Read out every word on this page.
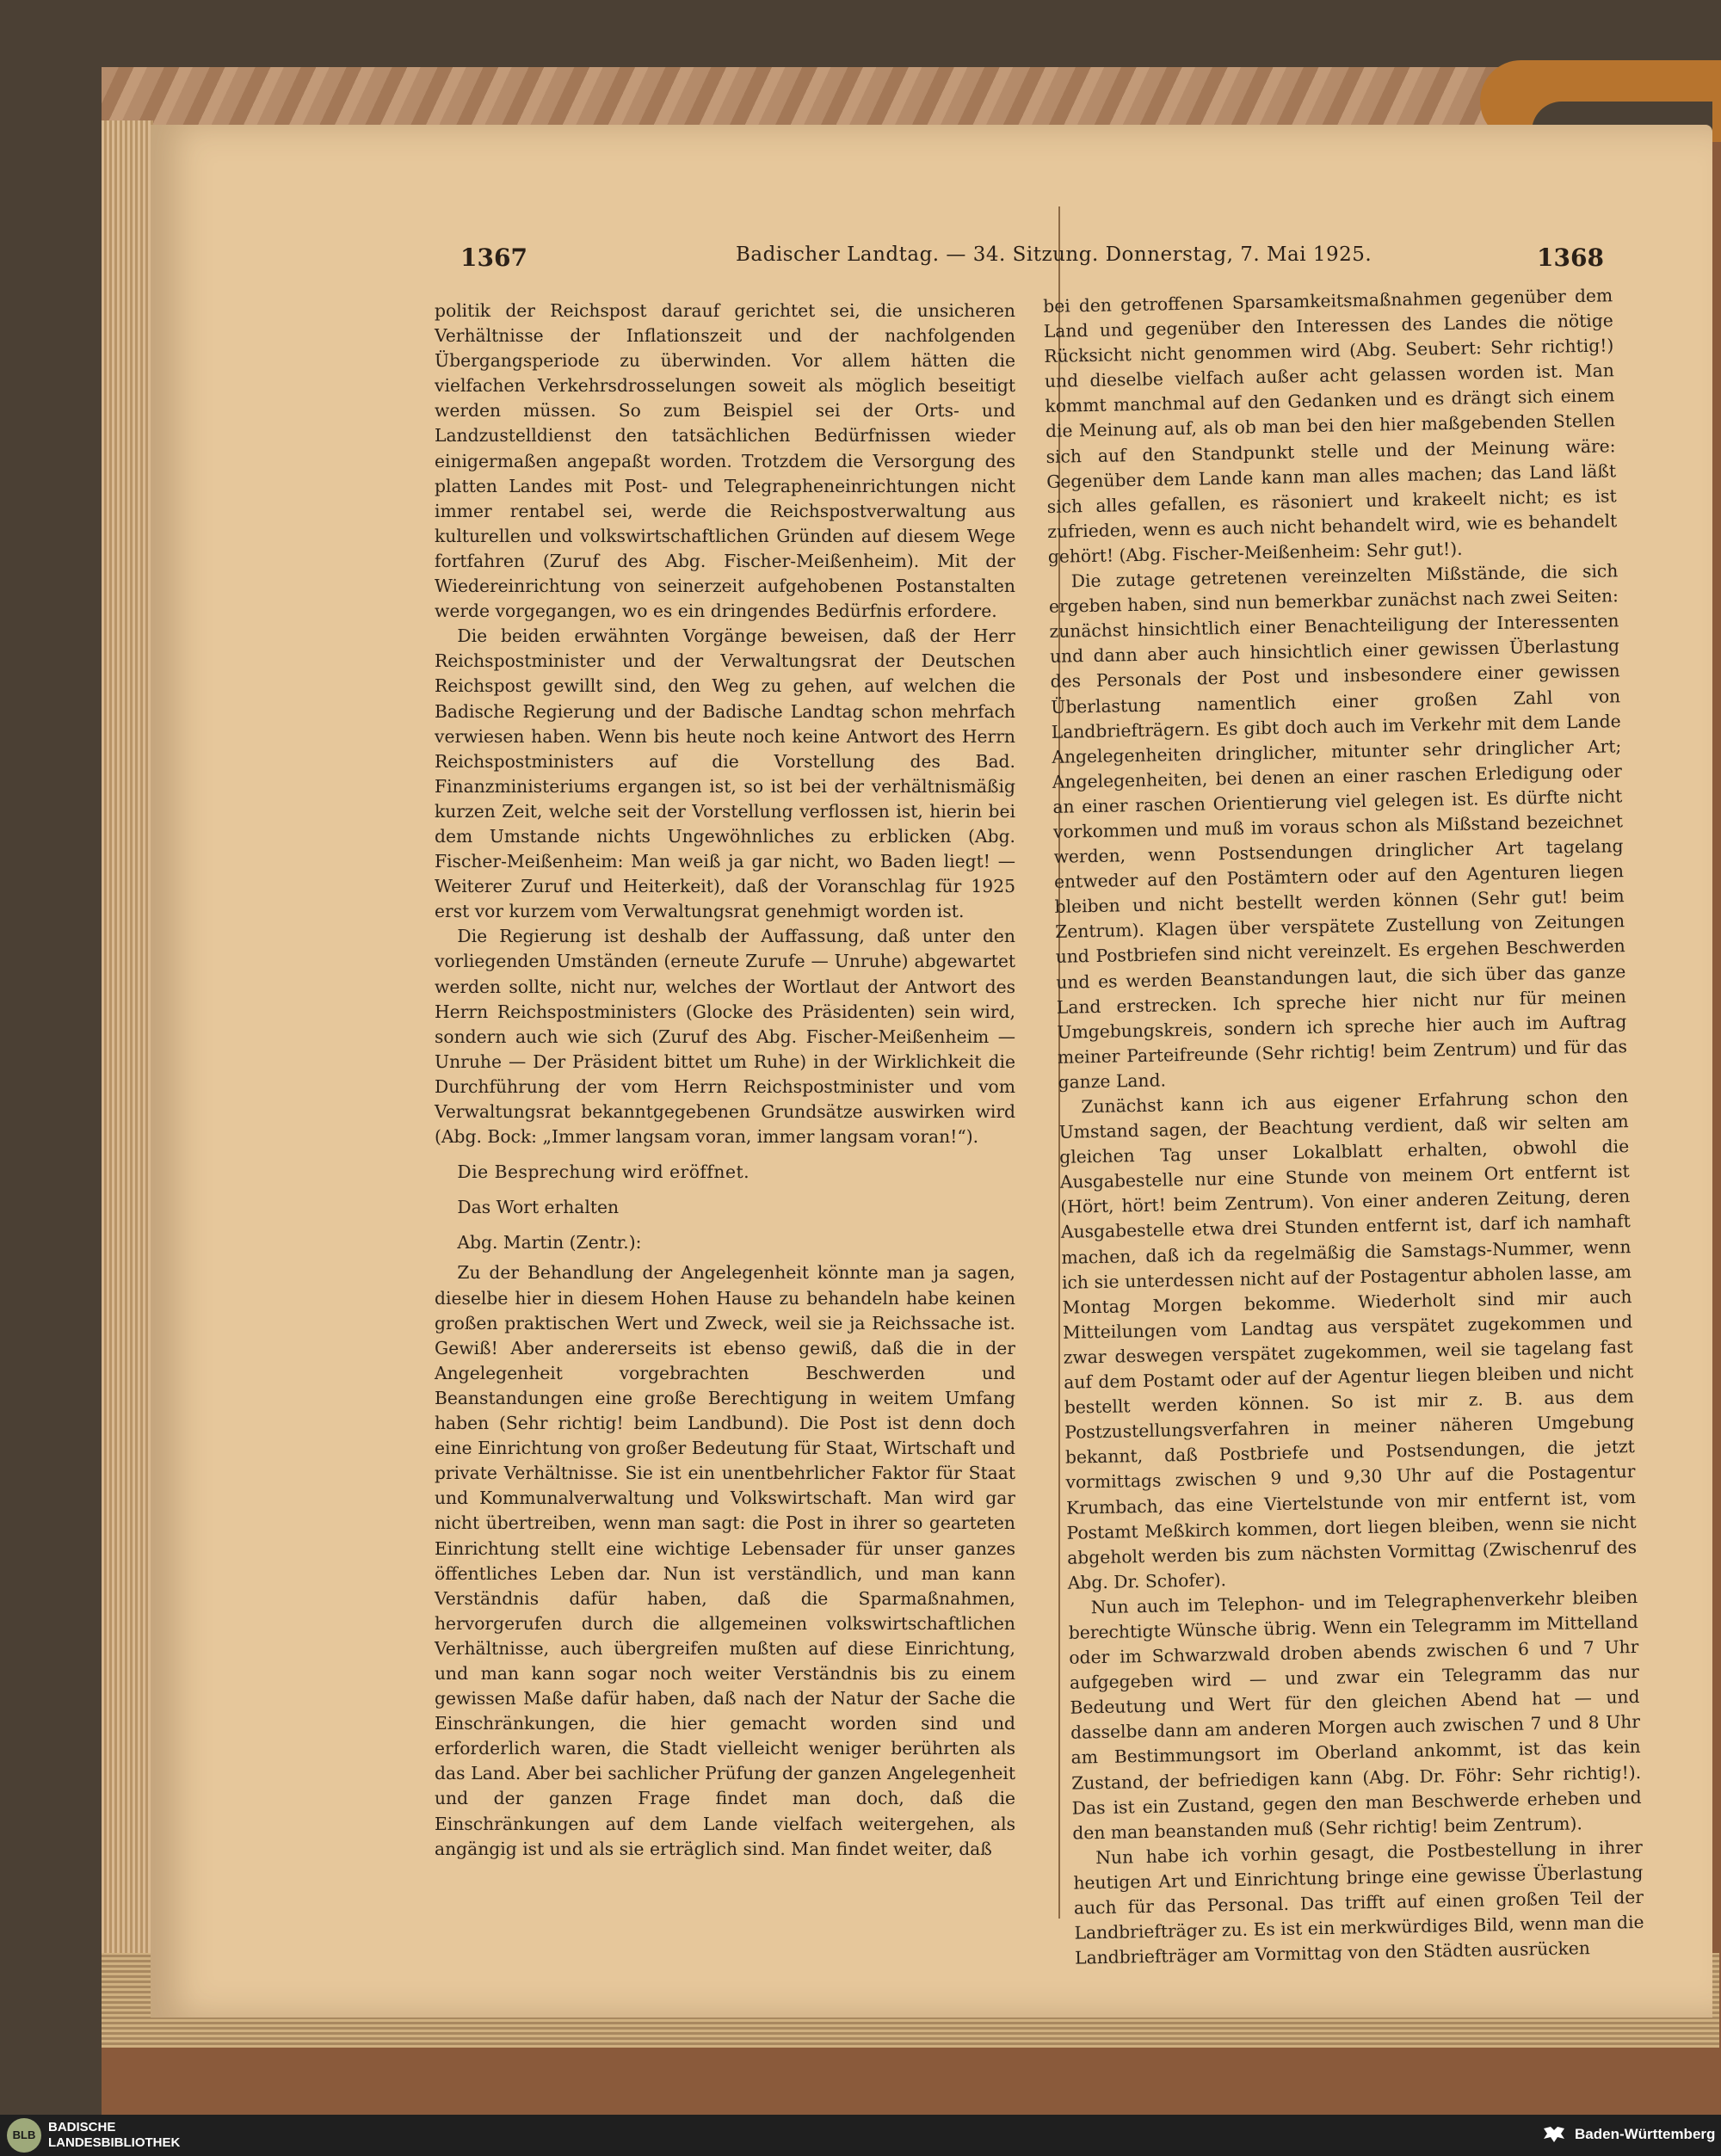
1367	Badischer Landtag. — 34. Sitzung. Donnerstag, 7. Mai 1925.	1368

politik der Reichspost darauf gerichtet sei, die unsicheren Verhältnisse der Inflationszeit und der nachfolgenden Übergangsperiode zu überwinden. Vor allem hätten die vielfachen Verkehrsdrosselungen soweit als möglich beseitigt werden müssen. So zum Beispiel sei der Orts- und Landzustelldienst den tatsächlichen Bedürfnissen wieder einigermaßen angepaßt worden. Trotzdem die Versorgung des platten Landes mit Post- und Telegrapheneinrichtungen nicht immer rentabel sei, werde die Reichspostverwaltung aus kulturellen und volkswirtschaftlichen Gründen auf diesem Wege fortfahren (Zuruf des Abg. Fischer-Meißenheim). Mit der Wiedereinrichtung von seinerzeit aufgehobenen Postanstalten werde vorgegangen, wo es ein dringendes Bedürfnis erfordere.

Die beiden erwähnten Vorgänge beweisen, daß der Herr Reichspostminister und der Verwaltungsrat der Deutschen Reichspost gewillt sind, den Weg zu gehen, auf welchen die Badische Regierung und der Badische Landtag schon mehrfach verwiesen haben. Wenn bis heute noch keine Antwort des Herrn Reichspostministers auf die Vorstellung des Bad. Finanzministeriums ergangen ist, so ist bei der verhältnismäßig kurzen Zeit, welche seit der Vorstellung verflossen ist, hierin bei dem Umstande nichts Ungewöhnliches zu erblicken (Abg. Fischer-Meißenheim: Man weiß ja gar nicht, wo Baden liegt! — Weiterer Zuruf und Heiterkeit), daß der Voranschlag für 1925 erst vor kurzem vom Verwaltungsrat genehmigt worden ist.

Die Regierung ist deshalb der Auffassung, daß unter den vorliegenden Umständen (erneute Zurufe — Unruhe) abgewartet werden sollte, nicht nur, welches der Wortlaut der Antwort des Herrn Reichspostministers (Glocke des Präsidenten) sein wird, sondern auch wie sich (Zuruf des Abg. Fischer-Meißenheim — Unruhe — Der Präsident bittet um Ruhe) in der Wirklichkeit die Durchführung der vom Herrn Reichspostminister und vom Verwaltungsrat bekanntgegebenen Grundsätze auswirken wird (Abg. Bock: „Immer langsam voran, immer langsam voran!“).

Die Besprechung wird eröffnet.

Das Wort erhalten

Abg. Martin (Zentr.):

Zu der Behandlung der Angelegenheit könnte man ja sagen, dieselbe hier in diesem Hohen Hause zu behandeln habe keinen großen praktischen Wert und Zweck, weil sie ja Reichssache ist. Gewiß! Aber andererseits ist ebenso gewiß, daß die in der Angelegenheit vorgebrachten Beschwerden und Beanstandungen eine große Berechtigung in weitem Umfang haben (Sehr richtig! beim Landbund). Die Post ist denn doch eine Einrichtung von großer Bedeutung für Staat, Wirtschaft und private Verhältnisse. Sie ist ein unentbehrlicher Faktor für Staat und Kommunalverwaltung und Volkswirtschaft. Man wird gar nicht übertreiben, wenn man sagt: die Post in ihrer so gearteten Einrichtung stellt eine wichtige Lebensader für unser ganzes öffentliches Leben dar. Nun ist verständlich, und man kann Verständnis dafür haben, daß die Sparmaßnahmen, hervorgerufen durch die allgemeinen volkswirtschaftlichen Verhältnisse, auch übergreifen mußten auf diese Einrichtung, und man kann sogar noch weiter Verständnis bis zu einem gewissen Maße dafür haben, daß nach der Natur der Sache die Einschränkungen, die hier gemacht worden sind und erforderlich waren, die Stadt vielleicht weniger berührten als das Land. Aber bei sachlicher Prüfung der ganzen Angelegenheit und der ganzen Frage findet man doch, daß die Einschränkungen auf dem Lande vielfach weitergehen, als angängig ist und als sie erträglich sind. Man findet weiter, daß

bei den getroffenen Sparsamkeitsmaßnahmen gegenüber dem Land und gegenüber den Interessen des Landes die nötige Rücksicht nicht genommen wird (Abg. Seubert: Sehr richtig!) und dieselbe vielfach außer acht gelassen worden ist. Man kommt manchmal auf den Gedanken und es drängt sich einem die Meinung auf, als ob man bei den hier maßgebenden Stellen sich auf den Standpunkt stelle und der Meinung wäre: Gegenüber dem Lande kann man alles machen; das Land läßt sich alles gefallen, es räsoniert und krakeelt nicht; es ist zufrieden, wenn es auch nicht behandelt wird, wie es behandelt gehört! (Abg. Fischer-Meißenheim: Sehr gut!).

Die zutage getretenen vereinzelten Mißstände, die sich ergeben haben, sind nun bemerkbar zunächst nach zwei Seiten: zunächst hinsichtlich einer Benachteiligung der Interessenten und dann aber auch hinsichtlich einer gewissen Überlastung des Personals der Post und insbesondere einer gewissen Überlastung namentlich einer großen Zahl von Landbriefträgern. Es gibt doch auch im Verkehr mit dem Lande Angelegenheiten dringlicher, mitunter sehr dringlicher Art; Angelegenheiten, bei denen an einer raschen Erledigung oder an einer raschen Orientierung viel gelegen ist. Es dürfte nicht vorkommen und muß im voraus schon als Mißstand bezeichnet werden, wenn Postsendungen dringlicher Art tagelang entweder auf den Postämtern oder auf den Agenturen liegen bleiben und nicht bestellt werden können (Sehr gut! beim Zentrum). Klagen über verspätete Zustellung von Zeitungen und Postbriefen sind nicht vereinzelt. Es ergehen Beschwerden und es werden Beanstandungen laut, die sich über das ganze Land erstrecken. Ich spreche hier nicht nur für meinen Umgebungskreis, sondern ich spreche hier auch im Auftrag meiner Parteifreunde (Sehr richtig! beim Zentrum) und für das ganze Land.

Zunächst kann ich aus eigener Erfahrung schon den Umstand sagen, der Beachtung verdient, daß wir selten am gleichen Tag unser Lokalblatt erhalten, obwohl die Ausgabestelle nur eine Stunde von meinem Ort entfernt ist (Hört, hört! beim Zentrum). Von einer anderen Zeitung, deren Ausgabestelle etwa drei Stunden entfernt ist, darf ich namhaft machen, daß ich da regelmäßig die Samstags-Nummer, wenn ich sie unterdessen nicht auf der Postagentur abholen lasse, am Montag Morgen bekomme. Wiederholt sind mir auch Mitteilungen vom Landtag aus verspätet zugekommen und zwar deswegen verspätet zugekommen, weil sie tagelang fast auf dem Postamt oder auf der Agentur liegen bleiben und nicht bestellt werden können. So ist mir z. B. aus dem Postzustellungsverfahren in meiner näheren Umgebung bekannt, daß Postbriefe und Postsendungen, die jetzt vormittags zwischen 9 und 9,30 Uhr auf die Postagentur Krumbach, das eine Viertelstunde von mir entfernt ist, vom Postamt Meßkirch kommen, dort liegen bleiben, wenn sie nicht abgeholt werden bis zum nächsten Vormittag (Zwischenruf des Abg. Dr. Schofer).

Nun auch im Telephon- und im Telegraphenverkehr bleiben berechtigte Wünsche übrig. Wenn ein Telegramm im Mittelland oder im Schwarzwald droben abends zwischen 6 und 7 Uhr aufgegeben wird — und zwar ein Telegramm das nur Bedeutung und Wert für den gleichen Abend hat — und dasselbe dann am anderen Morgen auch zwischen 7 und 8 Uhr am Bestimmungsort im Oberland ankommt, ist das kein Zustand, der befriedigen kann (Abg. Dr. Föhr: Sehr richtig!). Das ist ein Zustand, gegen den man Beschwerde erheben und den man beanstanden muß (Sehr richtig! beim Zentrum).

Nun habe ich vorhin gesagt, die Postbestellung in ihrer heutigen Art und Einrichtung bringe eine gewisse Überlastung auch für das Personal. Das trifft auf einen großen Teil der Landbriefträger zu. Es ist ein merkwürdiges Bild, wenn man die Landbriefträger am Vormittag von den Städten ausrücken

BLB
BADISCHE
LANDESBIBLIOTHEK
Baden-Württemberg
